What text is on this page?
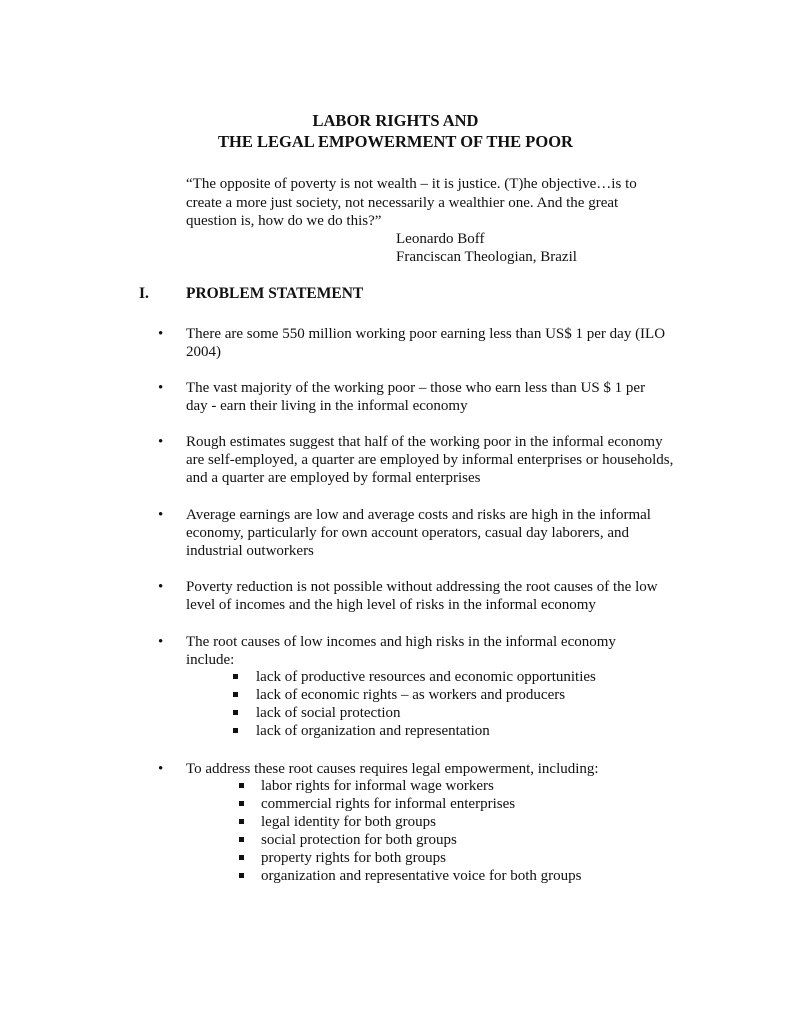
LABOR RIGHTS AND
THE LEGAL EMPOWERMENT OF THE POOR
“The opposite of poverty is not wealth – it is justice. (T)he objective…is to create a more just society, not necessarily a wealthier one. And the great question is, how do we do this?”
Leonardo Boff
Franciscan Theologian, Brazil
I. PROBLEM STATEMENT
• There are some 550 million working poor earning less than US$ 1 per day (ILO 2004)
• The vast majority of the working poor – those who earn less than US $ 1 per day - earn their living in the informal economy
• Rough estimates suggest that half of the working poor in the informal economy are self-employed, a quarter are employed by informal enterprises or households, and a quarter are employed by formal enterprises
• Average earnings are low and average costs and risks are high in the informal economy, particularly for own account operators, casual day laborers, and industrial outworkers
• Poverty reduction is not possible without addressing the root causes of the low level of incomes and the high level of risks in the informal economy
• The root causes of low incomes and high risks in the informal economy include:
lack of productive resources and economic opportunities
lack of economic rights – as workers and producers
lack of social protection
lack of organization and representation
• To address these root causes requires legal empowerment, including:
labor rights for informal wage workers
commercial rights for informal enterprises
legal identity for both groups
social protection for both groups
property rights for both groups
organization and representative voice for both groups
